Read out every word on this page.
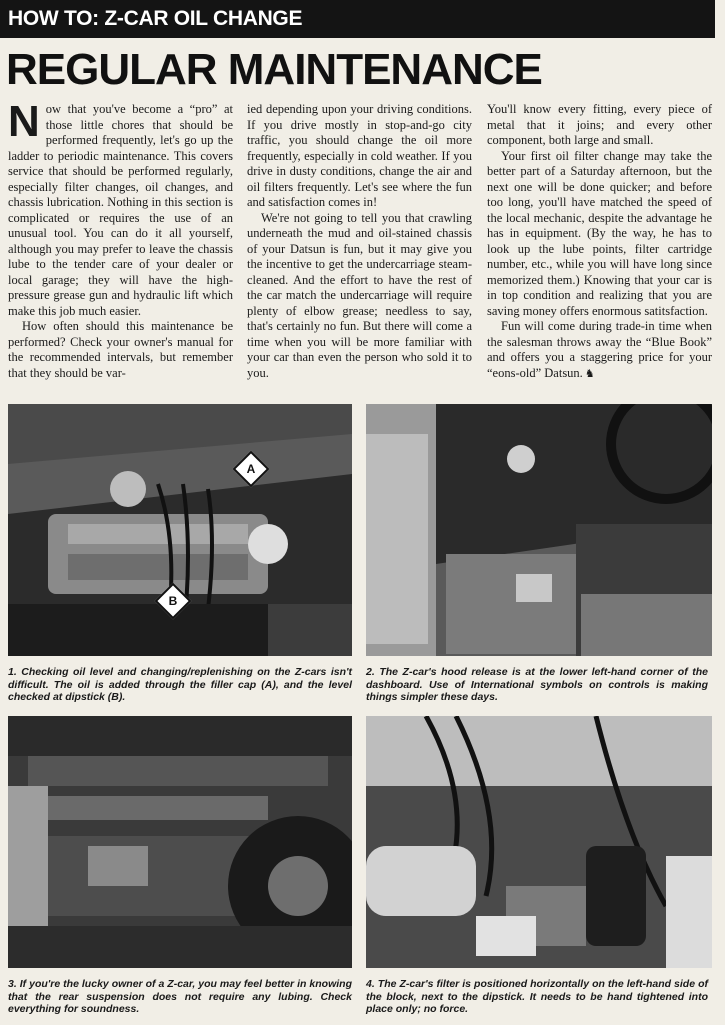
HOW TO: Z-CAR OIL CHANGE
REGULAR MAINTENANCE

N ow that you've become a “pro” at those little chores that should be performed frequently, let's go up the ladder to periodic maintenance. This covers service that should be performed regularly, especially filter changes, oil changes, and chassis lubrication. Nothing in this section is complicated or requires the use of an unusual tool. You can do it all yourself, although you may prefer to leave the chassis lube to the tender care of your dealer or local garage; they will have the high-pressure grease gun and hydraulic lift which make this job much easier.

How often should this maintenance be performed? Check your owner's manual for the recommended intervals, but remember that they should be var-

ied depending upon your driving conditions. If you drive mostly in stop-and-go city traffic, you should change the oil more frequently, especially in cold weather. If you drive in dusty conditions, change the air and oil filters frequently. Let's see where the fun and satisfaction comes in!

We're not going to tell you that crawling underneath the mud and oil-stained chassis of your Datsun is fun, but it may give you the incentive to get the undercarriage steam-cleaned. And the effort to have the rest of the car match the undercarriage will require plenty of elbow grease; needless to say, that's certainly no fun. But there will come a time when you will be more familiar with your car than even the person who sold it to you.

You'll know every fitting, every piece of metal that it joins; and every other component, both large and small.

Your first oil filter change may take the better part of a Saturday afternoon, but the next one will be done quicker; and before too long, you'll have matched the speed of the local mechanic, despite the advantage he has in equipment. (By the way, he has to look up the lube points, filter cartridge number, etc., while you will have long since memorized them.) Knowing that your car is in top condition and realizing that you are saving money offers enormous satitsfaction.

Fun will come during trade-in time when the salesman throws away the “Blue Book” and offers you a staggering price for your “eons-old” Datsun. ♞

A
B
1. Checking oil level and changing/replenishing on the Z-cars isn't difficult. The oil is added through the filler cap (A), and the level checked at dipstick (B).
2. The Z-car's hood release is at the lower left-hand corner of the dashboard. Use of International symbols on controls is making things simpler these days.
3. If you're the lucky owner of a Z-car, you may feel better in knowing that the rear suspension does not require any lubing. Check everything for soundness.
4. The Z-car's filter is positioned horizontally on the left-hand side of the block, next to the dipstick. It needs to be hand tightened into place only; no force.
